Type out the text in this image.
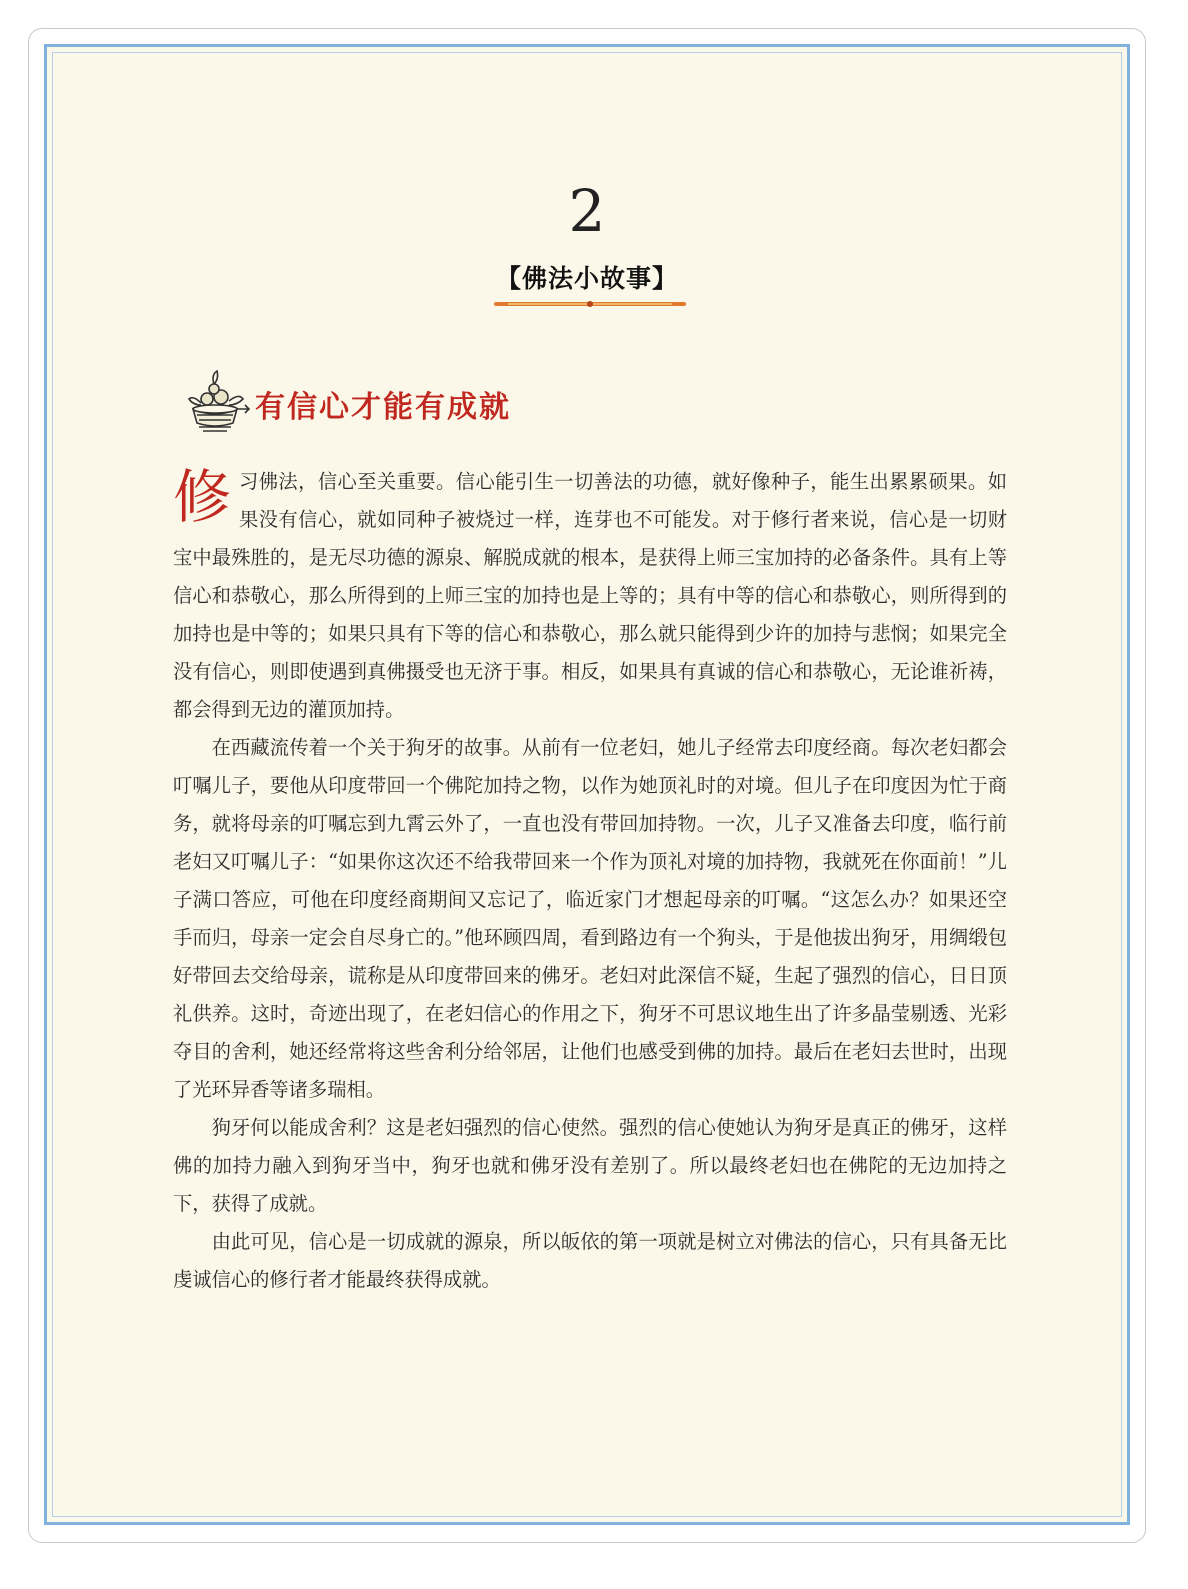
2
【佛法小故事】
有信心才能有成就

修习佛法，信心至关重要。信心能引生一切善法的功德，就好像种子，能生出累累硕果。如果没有信心，就如同种子被烧过一样，连芽也不可能发。对于修行者来说，信心是一切财宝中最殊胜的，是无尽功德的源泉、解脱成就的根本，是获得上师三宝加持的必备条件。具有上等信心和恭敬心，那么所得到的上师三宝的加持也是上等的；具有中等的信心和恭敬心，则所得到的加持也是中等的；如果只具有下等的信心和恭敬心，那么就只能得到少许的加持与悲悯；如果完全没有信心，则即使遇到真佛摄受也无济于事。相反，如果具有真诚的信心和恭敬心，无论谁祈祷，都会得到无边的灌顶加持。

在西藏流传着一个关于狗牙的故事。从前有一位老妇，她儿子经常去印度经商。每次老妇都会叮嘱儿子，要他从印度带回一个佛陀加持之物，以作为她顶礼时的对境。但儿子在印度因为忙于商务，就将母亲的叮嘱忘到九霄云外了，一直也没有带回加持物。一次，儿子又准备去印度，临行前老妇又叮嘱儿子：“如果你这次还不给我带回来一个作为顶礼对境的加持物，我就死在你面前！”儿子满口答应，可他在印度经商期间又忘记了，临近家门才想起母亲的叮嘱。“这怎么办？如果还空手而归，母亲一定会自尽身亡的。”他环顾四周，看到路边有一个狗头，于是他拔出狗牙，用绸缎包好带回去交给母亲，谎称是从印度带回来的佛牙。老妇对此深信不疑，生起了强烈的信心，日日顶礼供养。这时，奇迹出现了，在老妇信心的作用之下，狗牙不可思议地生出了许多晶莹剔透、光彩夺目的舍利，她还经常将这些舍利分给邻居，让他们也感受到佛的加持。最后在老妇去世时，出现了光环异香等诸多瑞相。

狗牙何以能成舍利？这是老妇强烈的信心使然。强烈的信心使她认为狗牙是真正的佛牙，这样佛的加持力融入到狗牙当中，狗牙也就和佛牙没有差别了。所以最终老妇也在佛陀的无边加持之下，获得了成就。

由此可见，信心是一切成就的源泉，所以皈依的第一项就是树立对佛法的信心，只有具备无比虔诚信心的修行者才能最终获得成就。
